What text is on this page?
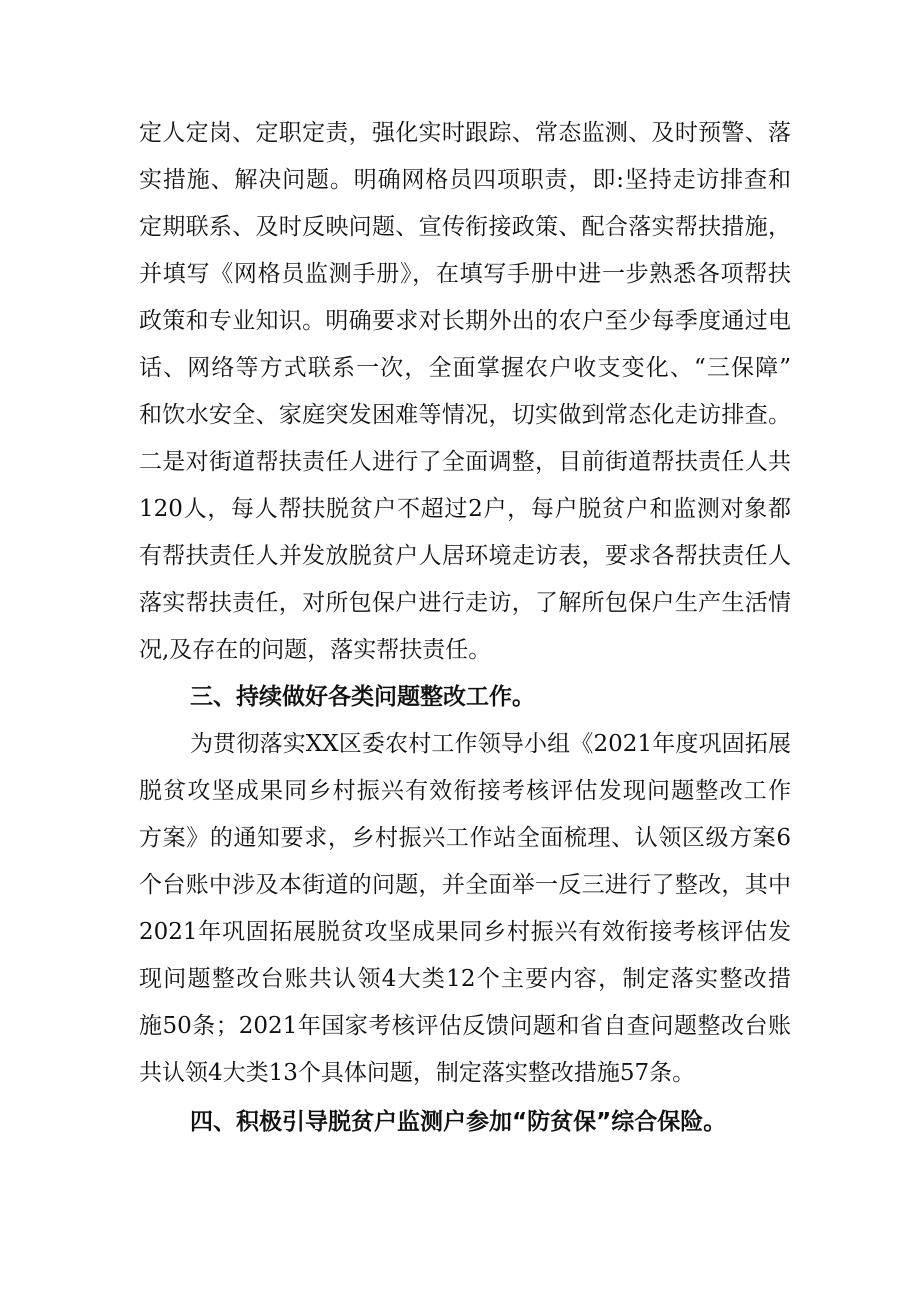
定人定岗、定职定责，强化实时跟踪、常态监测、及时预警、落
实措施、解决问题。明确网格员四项职责，即:坚持走访排查和
定期联系、及时反映问题、宣传衔接政策、配合落实帮扶措施，
并填写《网格员监测手册》，在填写手册中进一步熟悉各项帮扶
政策和专业知识。明确要求对长期外出的农户至少每季度通过电
话、网络等方式联系一次，全面掌握农户收支变化、“三保障”
和饮水安全、家庭突发困难等情况，切实做到常态化走访排查。
二是对街道帮扶责任人进行了全面调整，目前街道帮扶责任人共
120人，每人帮扶脱贫户不超过2户，每户脱贫户和监测对象都
有帮扶责任人并发放脱贫户人居环境走访表，要求各帮扶责任人
落实帮扶责任，对所包保户进行走访，了解所包保户生产生活情
况,及存在的问题，落实帮扶责任。
三、持续做好各类问题整改工作。
为贯彻落实XX区委农村工作领导小组《2021年度巩固拓展
脱贫攻坚成果同乡村振兴有效衔接考核评估发现问题整改工作
方案》的通知要求，乡村振兴工作站全面梳理、认领区级方案6
个台账中涉及本街道的问题，并全面举一反三进行了整改，其中
2021年巩固拓展脱贫攻坚成果同乡村振兴有效衔接考核评估发
现问题整改台账共认领4大类12个主要内容，制定落实整改措
施50条；2021年国家考核评估反馈问题和省自查问题整改台账
共认领4大类13个具体问题，制定落实整改措施57条。
四、积极引导脱贫户监测户参加“防贫保”综合保险。
